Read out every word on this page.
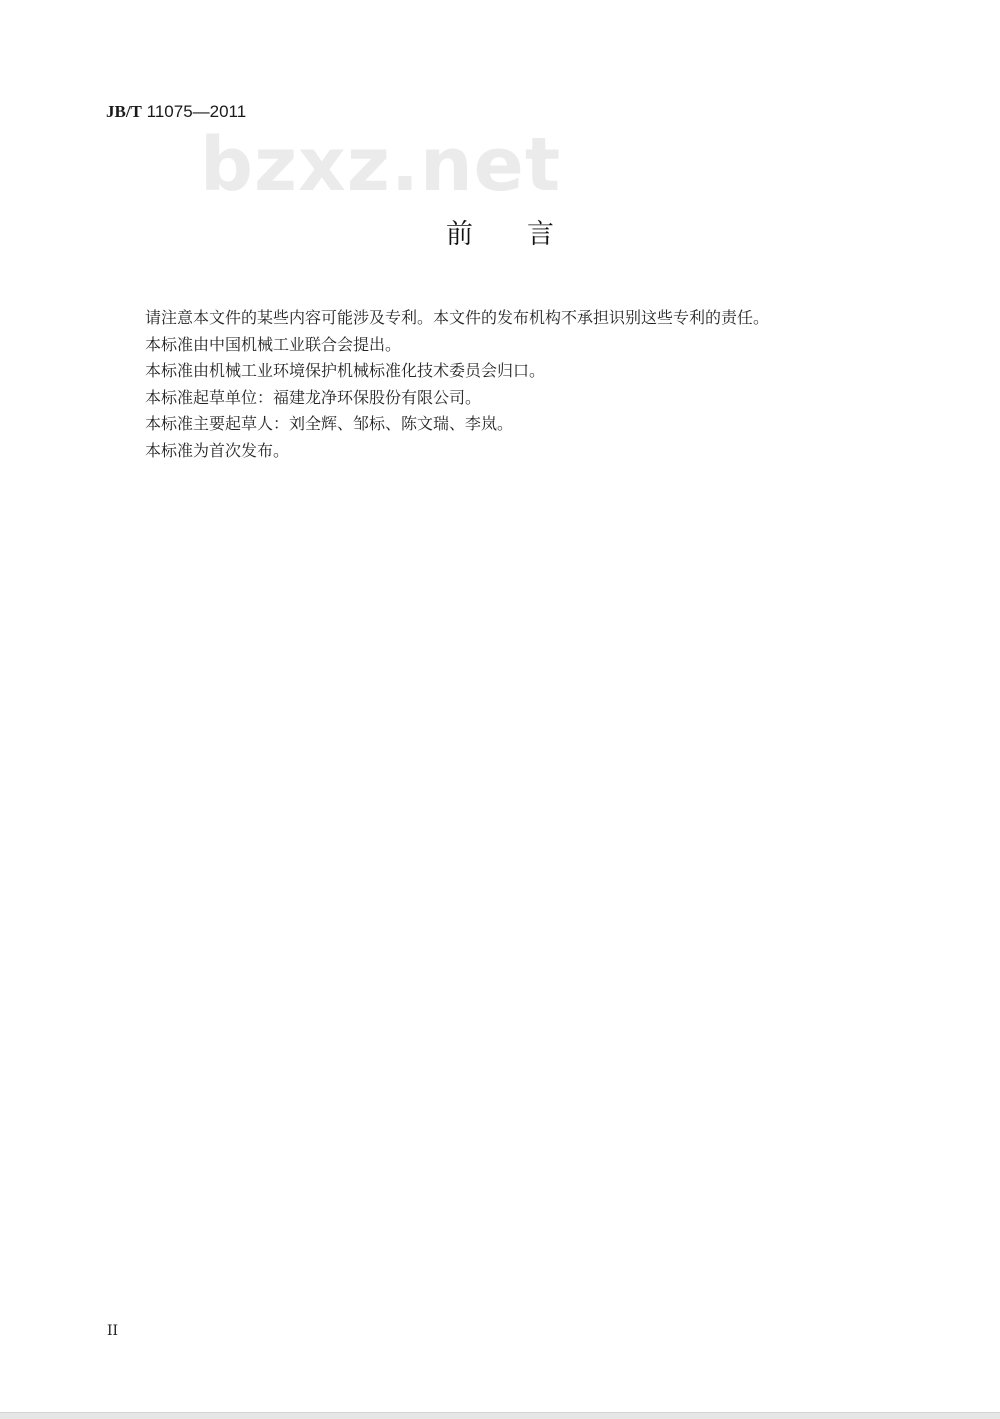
JB/T 11075—2011
bzxz.net
前 言
请注意本文件的某些内容可能涉及专利。本文件的发布机构不承担识别这些专利的责任。
本标准由中国机械工业联合会提出。
本标准由机械工业环境保护机械标准化技术委员会归口。
本标准起草单位：福建龙净环保股份有限公司。
本标准主要起草人：刘全辉、邹标、陈文瑞、李岚。
本标准为首次发布。
II
